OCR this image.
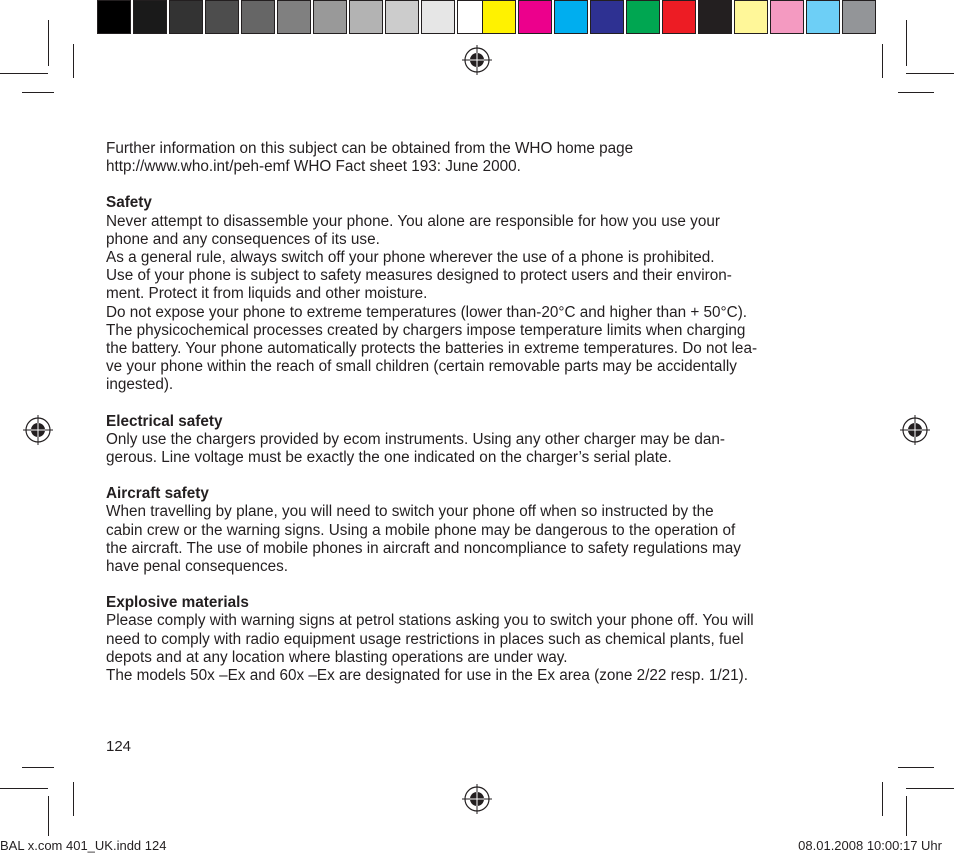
Further information on this subject can be obtained from the WHO home page
http://www.who.int/peh-emf WHO Fact sheet 193: June 2000.

Safety

Never attempt to disassemble your phone. You alone are responsible for how you use your
phone and any consequences of its use.
As a general rule, always switch off your phone wherever the use of a phone is prohibited.
Use of your phone is subject to safety measures designed to protect users and their environ-
ment. Protect it from liquids and other moisture.
Do not expose your phone to extreme temperatures (lower than-20°C and higher than + 50°C).
The physicochemical processes created by chargers impose temperature limits when charging
the battery. Your phone automatically protects the batteries in extreme temperatures. Do not lea-
ve your phone within the reach of small children (certain removable parts may be accidentally
ingested).

Electrical safety

Only use the chargers provided by ecom instruments. Using any other charger may be dan-
gerous. Line voltage must be exactly the one indicated on the charger’s serial plate.

Aircraft safety

When travelling by plane, you will need to switch your phone off when so instructed by the
cabin crew or the warning signs. Using a mobile phone may be dangerous to the operation of
the aircraft. The use of mobile phones in aircraft and noncompliance to safety regulations may
have penal consequences.

Explosive materials

Please comply with warning signs at petrol stations asking you to switch your phone off. You will
need to comply with radio equipment usage restrictions in places such as chemical plants, fuel
depots and at any location where blasting operations are under way.
The models 50x –Ex and 60x –Ex are designated for use in the Ex area (zone 2/22 resp. 1/21).

124
BAL x.com 401_UK.indd 124	08.01.2008 10:00:17 Uhr
